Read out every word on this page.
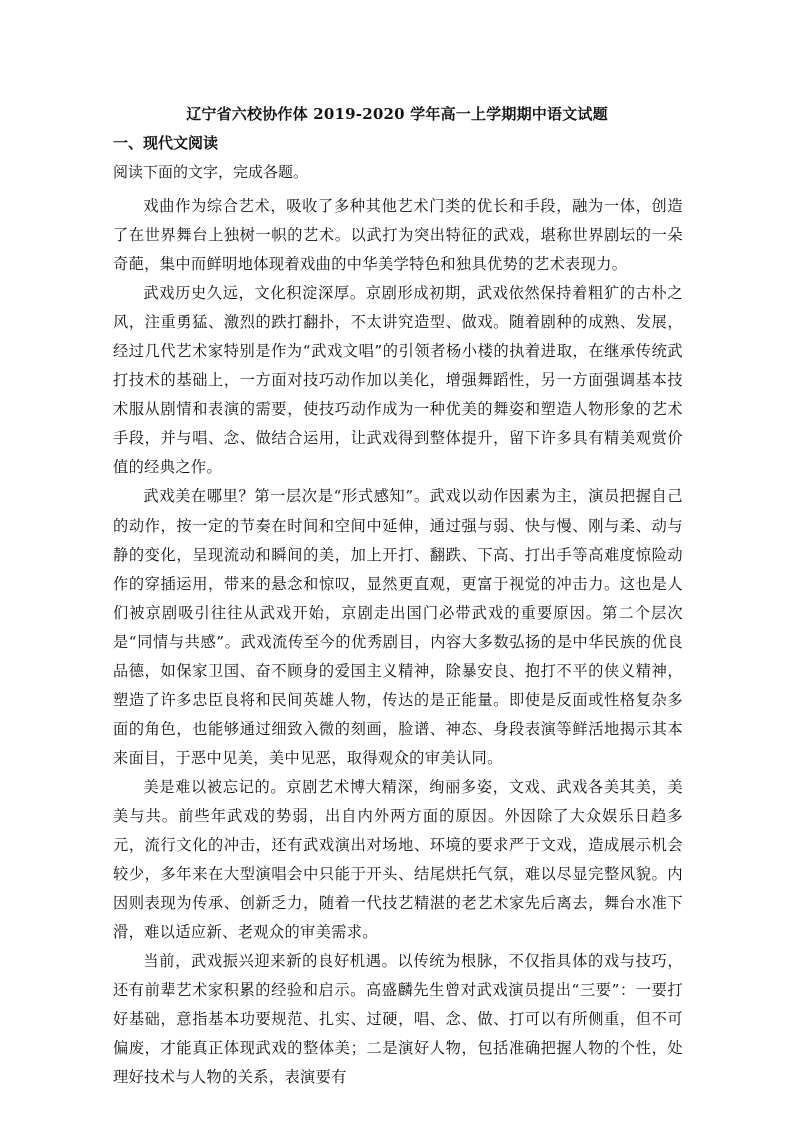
辽宁省六校协作体 2019-2020 学年高一上学期期中语文试题
一、现代文阅读
阅读下面的文字，完成各题。

戏曲作为综合艺术，吸收了多种其他艺术门类的优长和手段，融为一体，创造了在世界舞台上独树一帜的艺术。以武打为突出特征的武戏，堪称世界剧坛的一朵奇葩，集中而鲜明地体现着戏曲的中华美学特色和独具优势的艺术表现力。

武戏历史久远，文化积淀深厚。京剧形成初期，武戏依然保持着粗犷的古朴之风，注重勇猛、激烈的跌打翻扑，不太讲究造型、做戏。随着剧种的成熟、发展，经过几代艺术家特别是作为“武戏文唱”的引领者杨小楼的执着进取，在继承传统武打技术的基础上，一方面对技巧动作加以美化，增强舞蹈性，另一方面强调基本技术服从剧情和表演的需要，使技巧动作成为一种优美的舞姿和塑造人物形象的艺术手段，并与唱、念、做结合运用，让武戏得到整体提升，留下许多具有精美观赏价值的经典之作。

武戏美在哪里？第一层次是“形式感知”。武戏以动作因素为主，演员把握自己的动作，按一定的节奏在时间和空间中延伸，通过强与弱、快与慢、刚与柔、动与静的变化，呈现流动和瞬间的美，加上开打、翻跌、下高、打出手等高难度惊险动作的穿插运用，带来的悬念和惊叹，显然更直观，更富于视觉的冲击力。这也是人们被京剧吸引往往从武戏开始，京剧走出国门必带武戏的重要原因。第二个层次是“同情与共感”。武戏流传至今的优秀剧目，内容大多数弘扬的是中华民族的优良品德，如保家卫国、奋不顾身的爱国主义精神，除暴安良、抱打不平的侠义精神，塑造了许多忠臣良将和民间英雄人物，传达的是正能量。即使是反面或性格复杂多面的角色，也能够通过细致入微的刻画，脸谱、神态、身段表演等鲜活地揭示其本来面目，于恶中见美，美中见恶，取得观众的审美认同。

美是难以被忘记的。京剧艺术博大精深，绚丽多姿，文戏、武戏各美其美，美美与共。前些年武戏的势弱，出自内外两方面的原因。外因除了大众娱乐日趋多元，流行文化的冲击，还有武戏演出对场地、环境的要求严于文戏，造成展示机会较少，多年来在大型演唱会中只能于开头、结尾烘托气氛，难以尽显完整风貌。内因则表现为传承、创新乏力，随着一代技艺精湛的老艺术家先后离去，舞台水准下滑，难以适应新、老观众的审美需求。

当前，武戏振兴迎来新的良好机遇。以传统为根脉，不仅指具体的戏与技巧，还有前辈艺术家积累的经验和启示。高盛麟先生曾对武戏演员提出“三要”：一要打好基础，意指基本功要规范、扎实、过硬，唱、念、做、打可以有所侧重，但不可偏废，才能真正体现武戏的整体美；二是演好人物，包括准确把握人物的个性，处理好技术与人物的关系，表演要有
